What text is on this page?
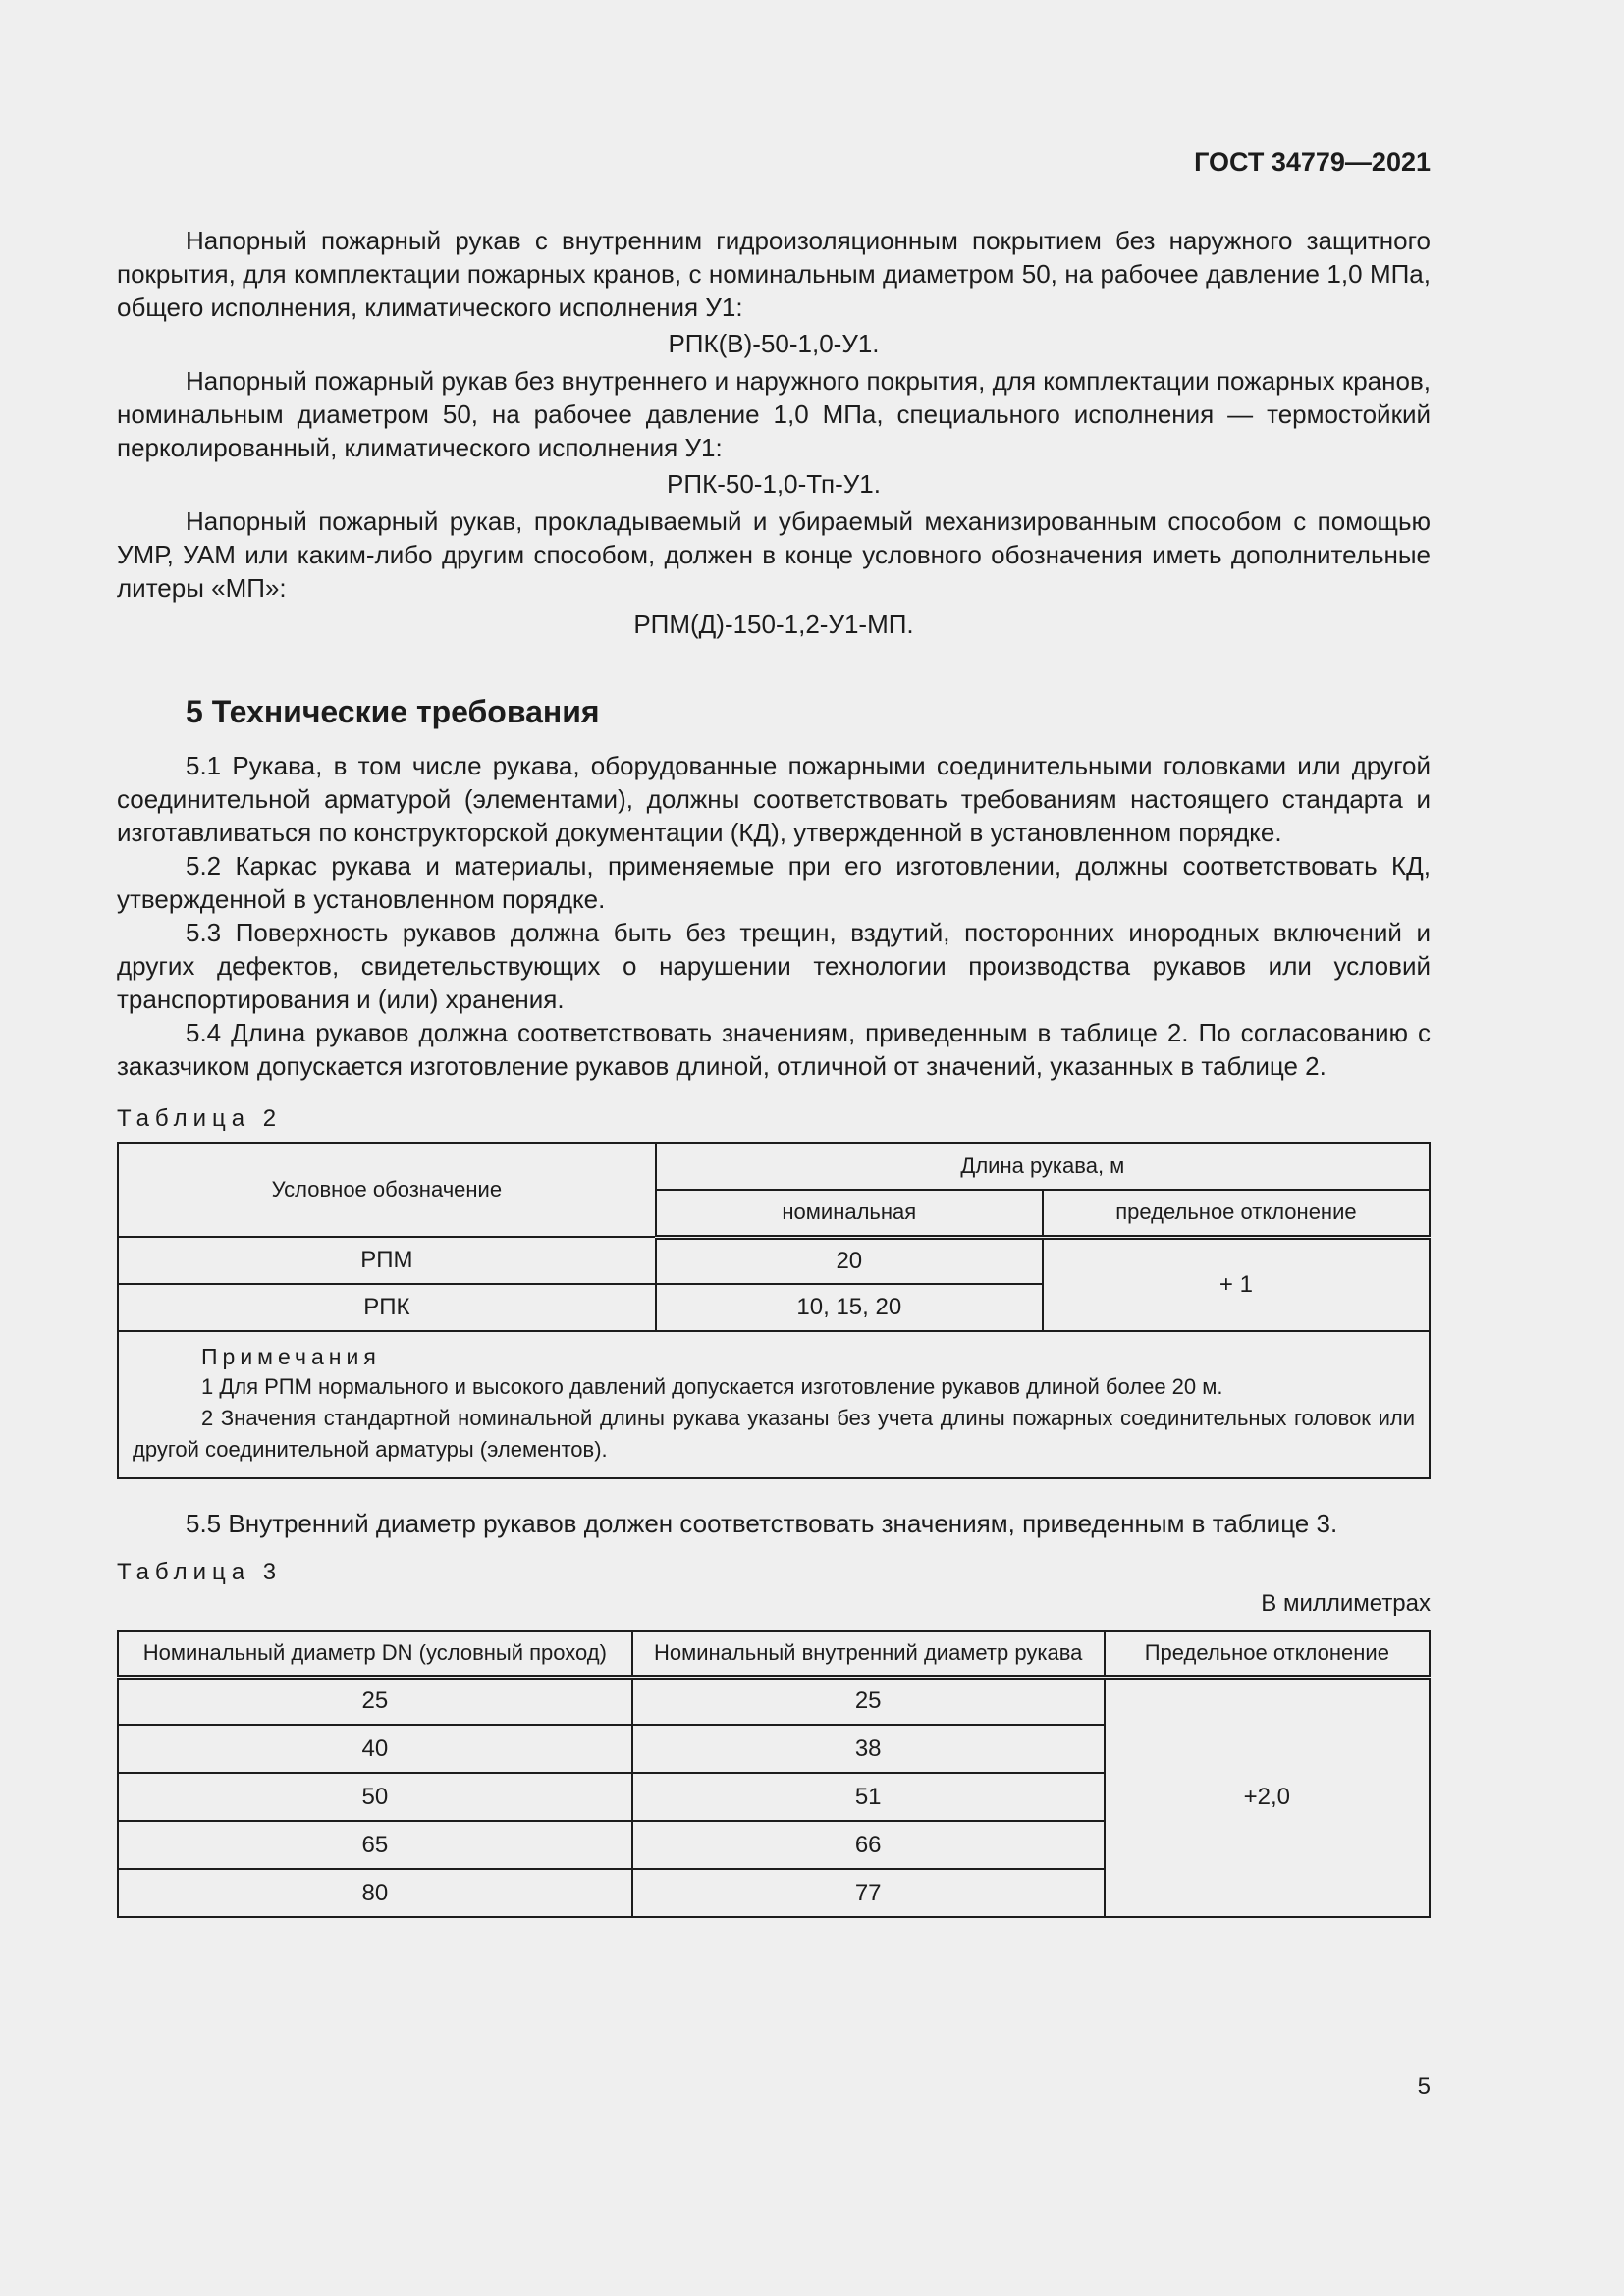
ГОСТ 34779—2021

Напорный пожарный рукав с внутренним гидроизоляционным покрытием без наружного защитного покрытия, для комплектации пожарных кранов, с номинальным диаметром 50, на рабочее давление 1,0 МПа, общего исполнения, климатического исполнения У1:

РПК(В)-50-1,0-У1.

Напорный пожарный рукав без внутреннего и наружного покрытия, для комплектации пожарных кранов, номинальным диаметром 50, на рабочее давление 1,0 МПа, специального исполнения — термостойкий перколированный, климатического исполнения У1:

РПК-50-1,0-Тп-У1.

Напорный пожарный рукав, прокладываемый и убираемый механизированным способом с помощью УМР, УАМ или каким-либо другим способом, должен в конце условного обозначения иметь дополнительные литеры «МП»:

РПМ(Д)-150-1,2-У1-МП.

5 Технические требования

5.1 Рукава, в том числе рукава, оборудованные пожарными соединительными головками или другой соединительной арматурой (элементами), должны соответствовать требованиям настоящего стандарта и изготавливаться по конструкторской документации (КД), утвержденной в установленном порядке.

5.2 Каркас рукава и материалы, применяемые при его изготовлении, должны соответствовать КД, утвержденной в установленном порядке.

5.3 Поверхность рукавов должна быть без трещин, вздутий, посторонних инородных включений и других дефектов, свидетельствующих о нарушении технологии производства рукавов или условий транспортирования и (или) хранения.

5.4 Длина рукавов должна соответствовать значениям, приведенным в таблице 2. По согласованию с заказчиком допускается изготовление рукавов длиной, отличной от значений, указанных в таблице 2.

Таблица 2

Условное обозначение	Длина рукава, м	
	номинальная	предельное отклонение
РПМ	20	+ 1
РПК	10, 15, 20	

Примечания

1 Для РПМ нормального и высокого давлений допускается изготовление рукавов длиной более 20 м.

2 Значения стандартной номинальной длины рукава указаны без учета длины пожарных соединительных головок или другой соединительной арматуры (элементов).		

5.5 Внутренний диаметр рукавов должен соответствовать значениям, приведенным в таблице 3.

Таблица 3

В миллиметрах
Номинальный диаметр DN (условный проход)	Номинальный внутренний диаметр рукава	Предельное отклонение
25	25	+2,0
40	38	
50	51	
65	66	
80	77	
5
